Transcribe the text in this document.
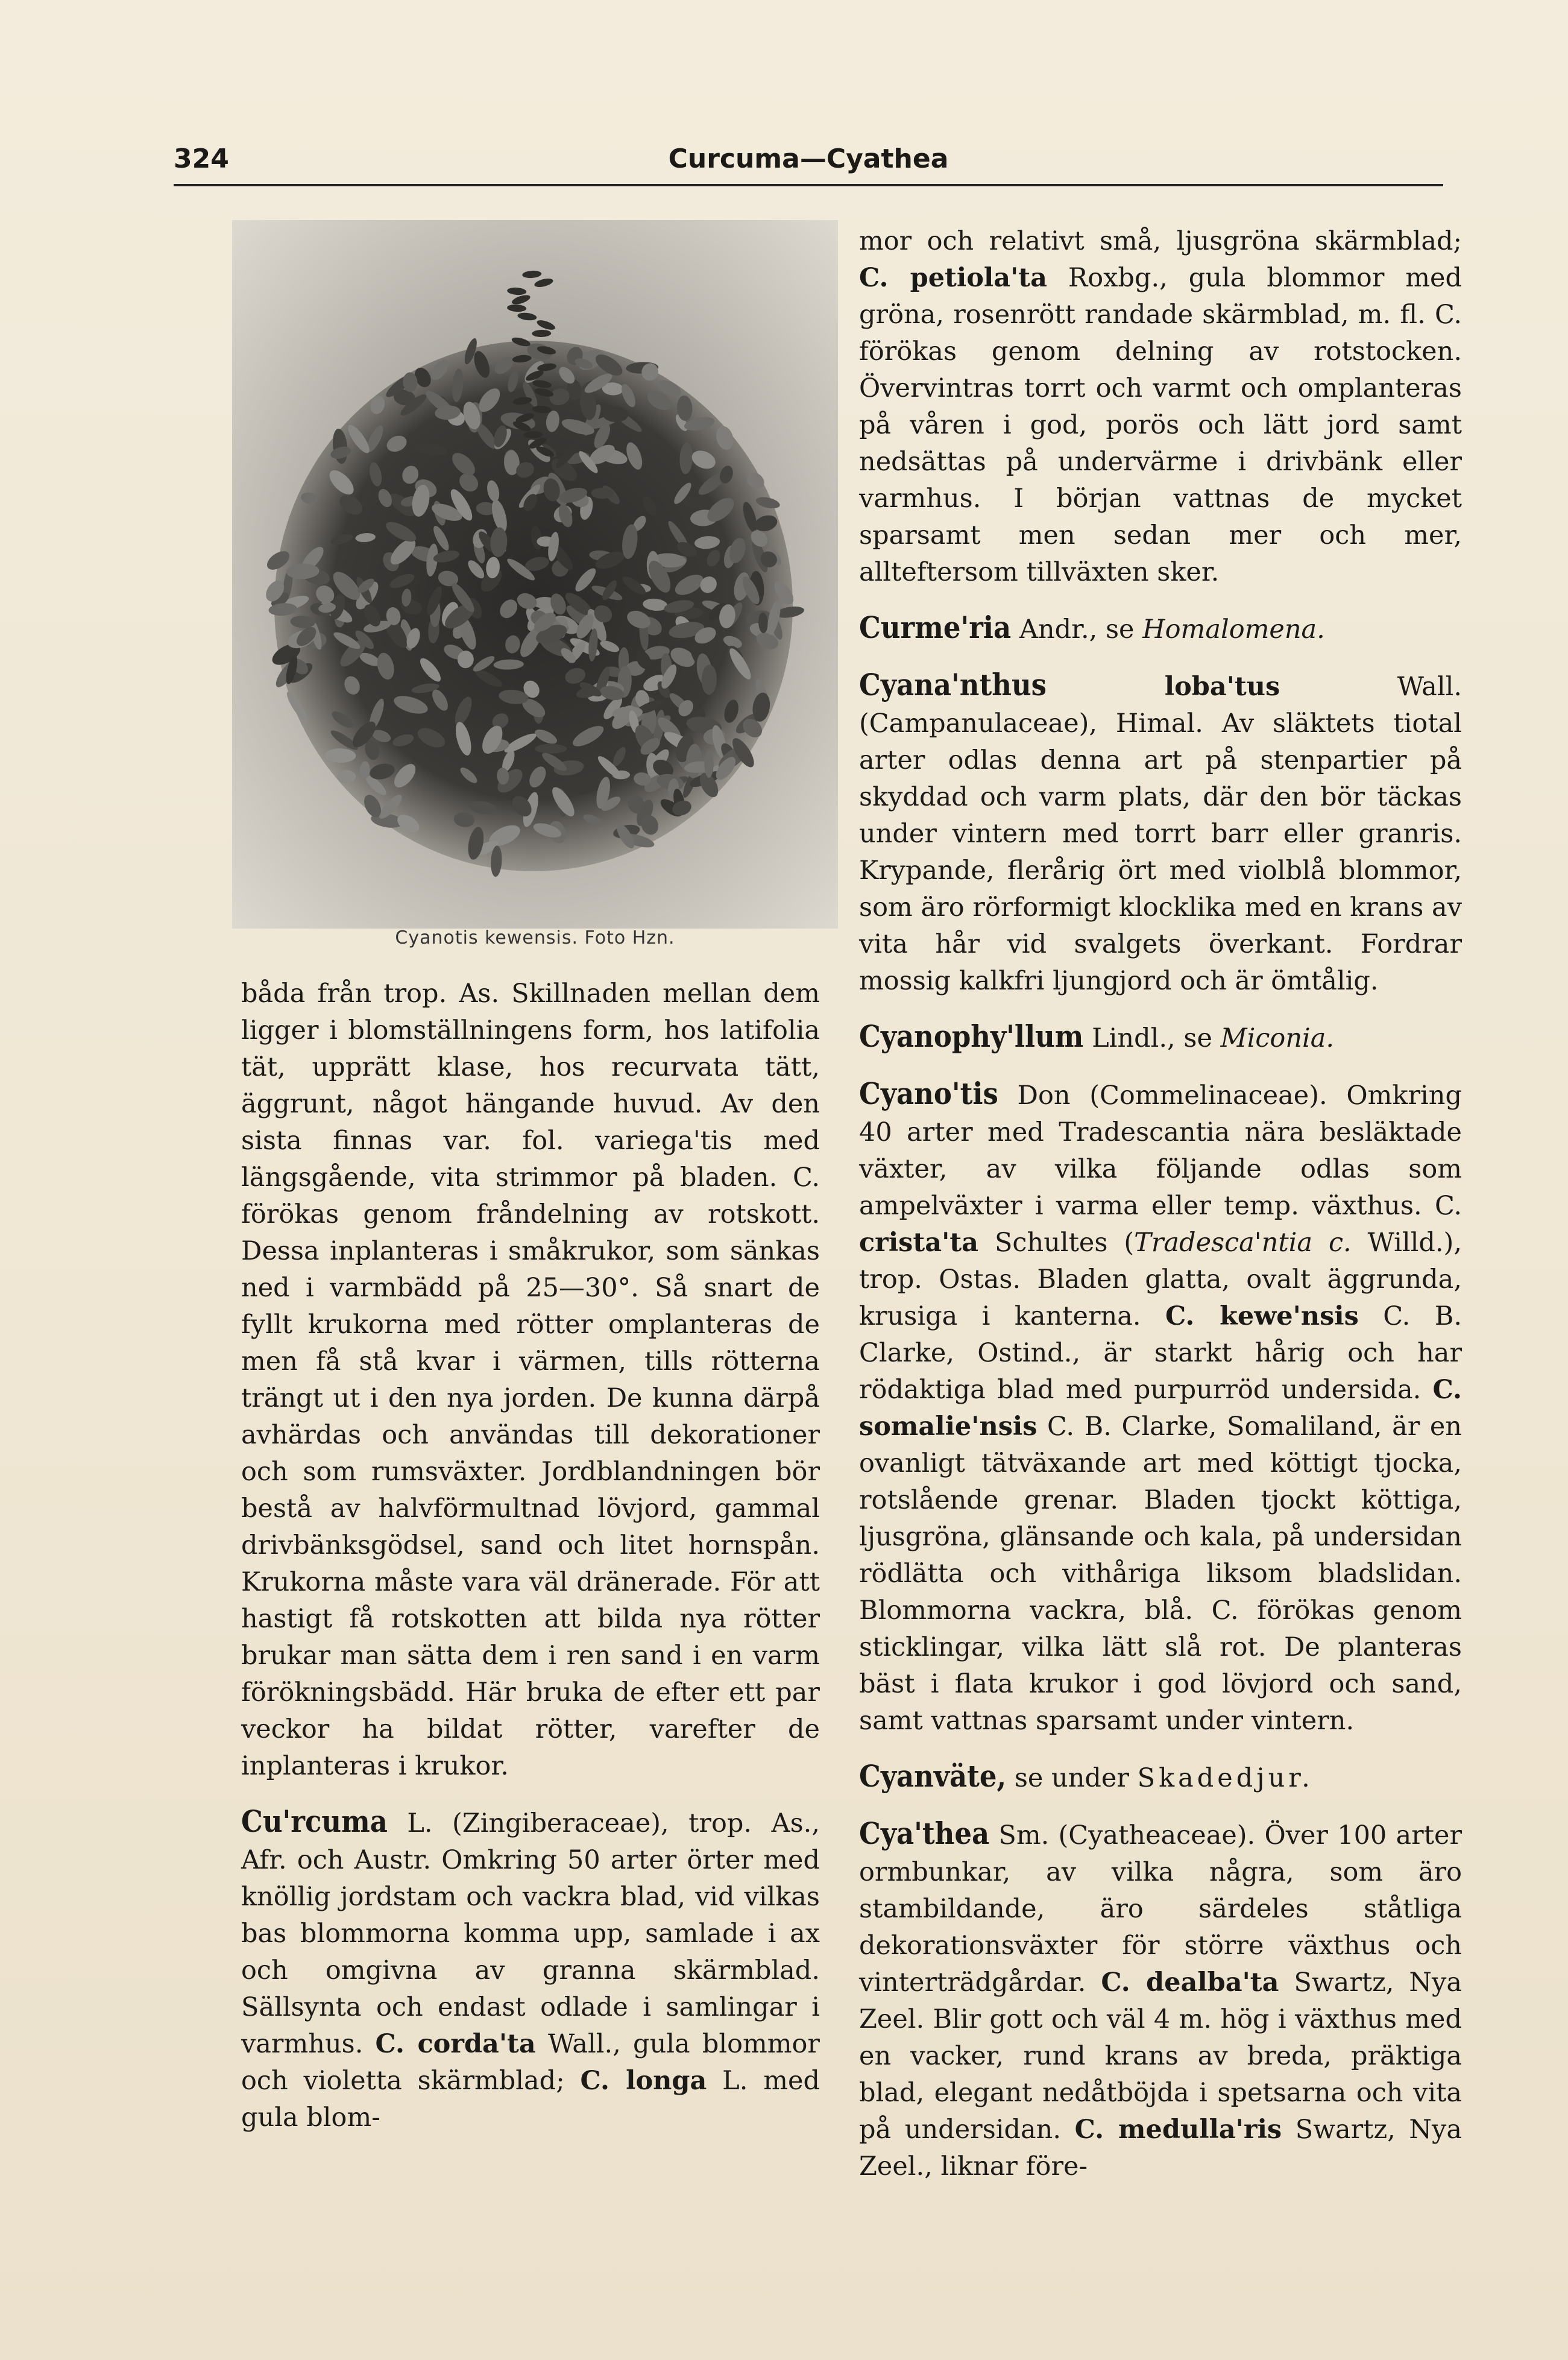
324	Curcuma—Cyathea
Cyanotis kewensis. Foto Hzn.

båda från trop. As. Skillnaden mellan dem ligger i blomställningens form, hos latifolia tät, upprätt klase, hos recurvata tätt, äggrunt, något hängande huvud. Av den sista finnas var. fol. variega'tis med längsgående, vita strimmor på bladen. C. förökas genom fråndelning av rotskott. Dessa inplanteras i småkrukor, som sänkas ned i varmbädd på 25—30°. Så snart de fyllt krukorna med rötter omplanteras de men få stå kvar i värmen, tills rötterna trängt ut i den nya jorden. De kunna därpå avhärdas och användas till dekorationer och som rumsväxter. Jordblandningen bör bestå av halvförmultnad lövjord, gammal drivbänksgödsel, sand och litet hornspån. Krukorna måste vara väl dränerade. För att hastigt få rotskotten att bilda nya rötter brukar man sätta dem i ren sand i en varm förökningsbädd. Här bruka de efter ett par veckor ha bildat rötter, varefter de inplanteras i krukor.

Cu'rcuma L. (Zingiberaceae), trop. As., Afr. och Austr. Omkring 50 arter örter med knöllig jordstam och vackra blad, vid vilkas bas blommorna komma upp, samlade i ax och omgivna av granna skärmblad. Sällsynta och endast odlade i samlingar i varmhus. C. corda'ta Wall., gula blommor och violetta skärmblad; C. longa L. med gula blom-

mor och relativt små, ljusgröna skärmblad; C. petiola'ta Roxbg., gula blommor med gröna, rosenrött randade skärmblad, m. fl. C. förökas genom delning av rotstocken. Övervintras torrt och varmt och omplanteras på våren i god, porös och lätt jord samt nedsättas på undervärme i drivbänk eller varmhus. I början vattnas de mycket sparsamt men sedan mer och mer, allteftersom tillväxten sker.

Curme'ria Andr., se Homalomena.

Cyana'nthus loba'tus Wall. (Campanulaceae), Himal. Av släktets tiotal arter odlas denna art på stenpartier på skyddad och varm plats, där den bör täckas under vintern med torrt barr eller granris. Krypande, flerårig ört med violblå blommor, som äro rörformigt klocklika med en krans av vita hår vid svalgets överkant. Fordrar mossig kalkfri ljungjord och är ömtålig.

Cyanophy'llum Lindl., se Miconia.

Cyano'tis Don (Commelinaceae). Omkring 40 arter med Tradescantia nära besläktade växter, av vilka följande odlas som ampelväxter i varma eller temp. växthus. C. crista'ta Schultes (Tradesca'ntia c. Willd.), trop. Ostas. Bladen glatta, ovalt äggrunda, krusiga i kanterna. C. kewe'nsis C. B. Clarke, Ostind., är starkt hårig och har rödaktiga blad med purpurröd undersida. C. somalie'nsis C. B. Clarke, Somaliland, är en ovanligt tätväxande art med köttigt tjocka, rotslående grenar. Bladen tjockt köttiga, ljusgröna, glänsande och kala, på undersidan rödlätta och vithåriga liksom bladslidan. Blommorna vackra, blå. C. förökas genom sticklingar, vilka lätt slå rot. De planteras bäst i flata krukor i god lövjord och sand, samt vattnas sparsamt under vintern.

Cyanväte, se under Skadedjur.

Cya'thea Sm. (Cyatheaceae). Över 100 arter ormbunkar, av vilka några, som äro stambildande, äro särdeles ståtliga dekorationsväxter för större växthus och vinterträdgårdar. C. dealba'ta Swartz, Nya Zeel. Blir gott och väl 4 m. hög i växthus med en vacker, rund krans av breda, präktiga blad, elegant nedåtböjda i spetsarna och vita på undersidan. C. medulla'ris Swartz, Nya Zeel., liknar före-
